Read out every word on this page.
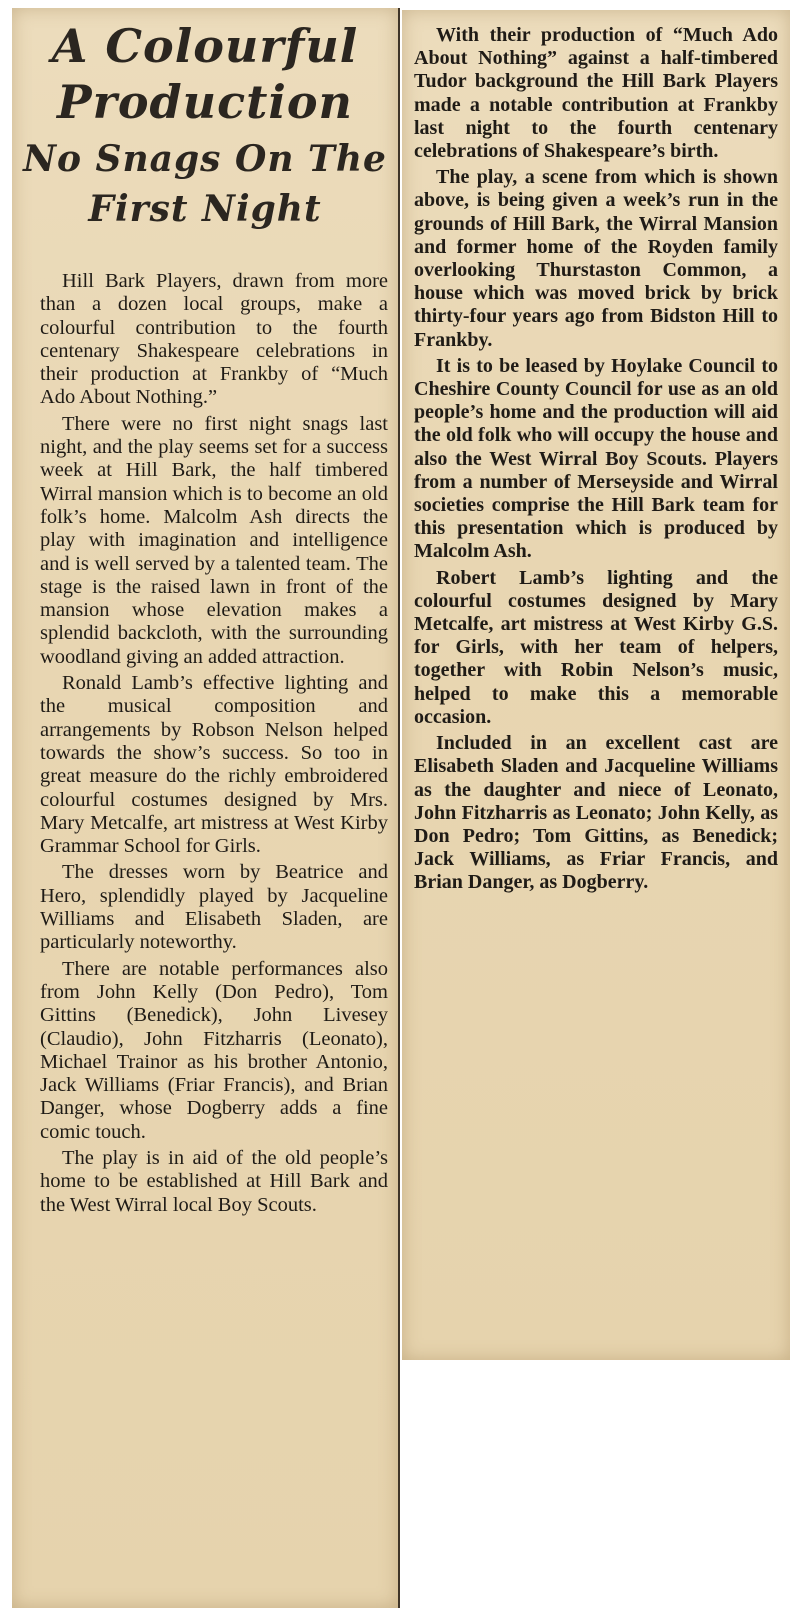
A Colourful Production
No Snags On The First Night

Hill Bark Players, drawn from more than a dozen local groups, make a colourful contribution to the fourth centenary Shakespeare celebrations in their production at Frankby of “Much Ado About Nothing.”

There were no first night snags last night, and the play seems set for a success week at Hill Bark, the half timbered Wirral mansion which is to become an old folk’s home. Malcolm Ash directs the play with imagination and intelligence and is well served by a talented team. The stage is the raised lawn in front of the mansion whose elevation makes a splendid backcloth, with the surrounding woodland giving an added attraction.

Ronald Lamb’s effective lighting and the musical composition and arrangements by Robson Nelson helped towards the show’s success. So too in great measure do the richly embroidered colourful costumes designed by Mrs. Mary Metcalfe, art mistress at West Kirby Grammar School for Girls.

The dresses worn by Beatrice and Hero, splendidly played by Jacqueline Williams and Elisabeth Sladen, are particularly noteworthy.

There are notable performances also from John Kelly (Don Pedro), Tom Gittins (Benedick), John Livesey (Claudio), John Fitzharris (Leonato), Michael Trainor as his brother Antonio, Jack Williams (Friar Francis), and Brian Danger, whose Dogberry adds a fine comic touch.

The play is in aid of the old people’s home to be established at Hill Bark and the West Wirral local Boy Scouts.

With their production of “Much Ado About Nothing” against a half-timbered Tudor background the Hill Bark Players made a notable contribution at Frankby last night to the fourth centenary celebrations of Shakespeare’s birth.

The play, a scene from which is shown above, is being given a week’s run in the grounds of Hill Bark, the Wirral Mansion and former home of the Royden family overlooking Thurstaston Common, a house which was moved brick by brick thirty-four years ago from Bidston Hill to Frankby.

It is to be leased by Hoylake Council to Cheshire County Council for use as an old people’s home and the production will aid the old folk who will occupy the house and also the West Wirral Boy Scouts. Players from a number of Merseyside and Wirral societies comprise the Hill Bark team for this presentation which is produced by Malcolm Ash.

Robert Lamb’s lighting and the colourful costumes designed by Mary Metcalfe, art mistress at West Kirby G.S. for Girls, with her team of helpers, together with Robin Nelson’s music, helped to make this a memorable occasion.

Included in an excellent cast are Elisabeth Sladen and Jacqueline Williams as the daughter and niece of Leonato, John Fitzharris as Leonato; John Kelly, as Don Pedro; Tom Gittins, as Benedick; Jack Williams, as Friar Francis, and Brian Danger, as Dogberry.
